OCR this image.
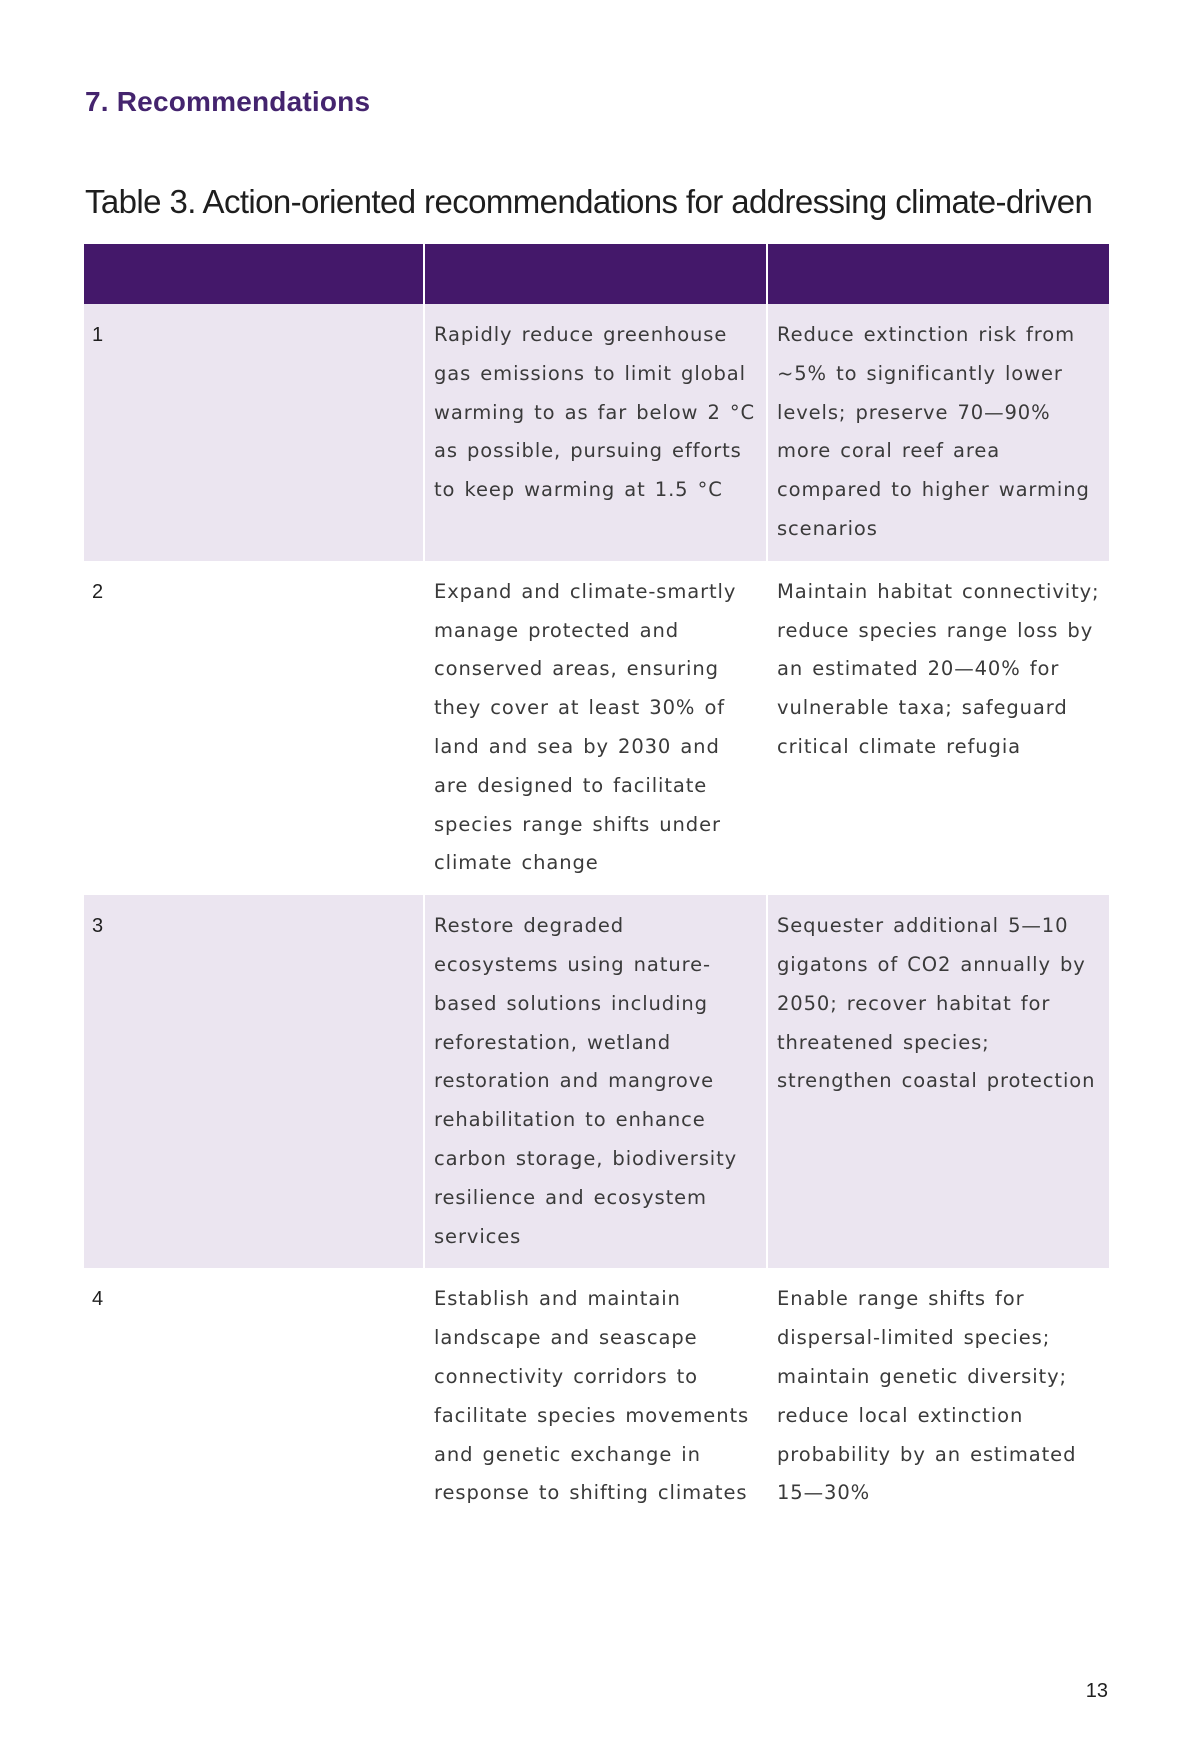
7. Recommendations
Table 3. Action-oriented recommendations for addressing climate-driven

1	Rapidly reduce greenhouse gas emissions to limit global warming to as far below 2 °C as possible, pursuing efforts to keep warming at 1.5 °C	Reduce extinction risk from ~5% to significantly lower levels; preserve 70—90% more coral reef area compared to higher warming scenarios
2	Expand and climate-smartly manage protected and conserved areas, ensuring they cover at least 30% of land and sea by 2030 and are designed to facilitate species range shifts under climate change	Maintain habitat connectivity; reduce species range loss by an estimated 20—40% for vulnerable taxa; safeguard critical climate refugia
3	Restore degraded ecosystems using nature-based solutions including reforestation, wetland restoration and mangrove rehabilitation to enhance carbon storage, biodiversity resilience and ecosystem services	Sequester additional 5—10 gigatons of CO2 annually by 2050; recover habitat for threatened species; strengthen coastal protection
4	Establish and maintain landscape and seascape connectivity corridors to facilitate species movements and genetic exchange in response to shifting climates	Enable range shifts for dispersal-limited species; maintain genetic diversity; reduce local extinction probability by an estimated 15—30%
13
